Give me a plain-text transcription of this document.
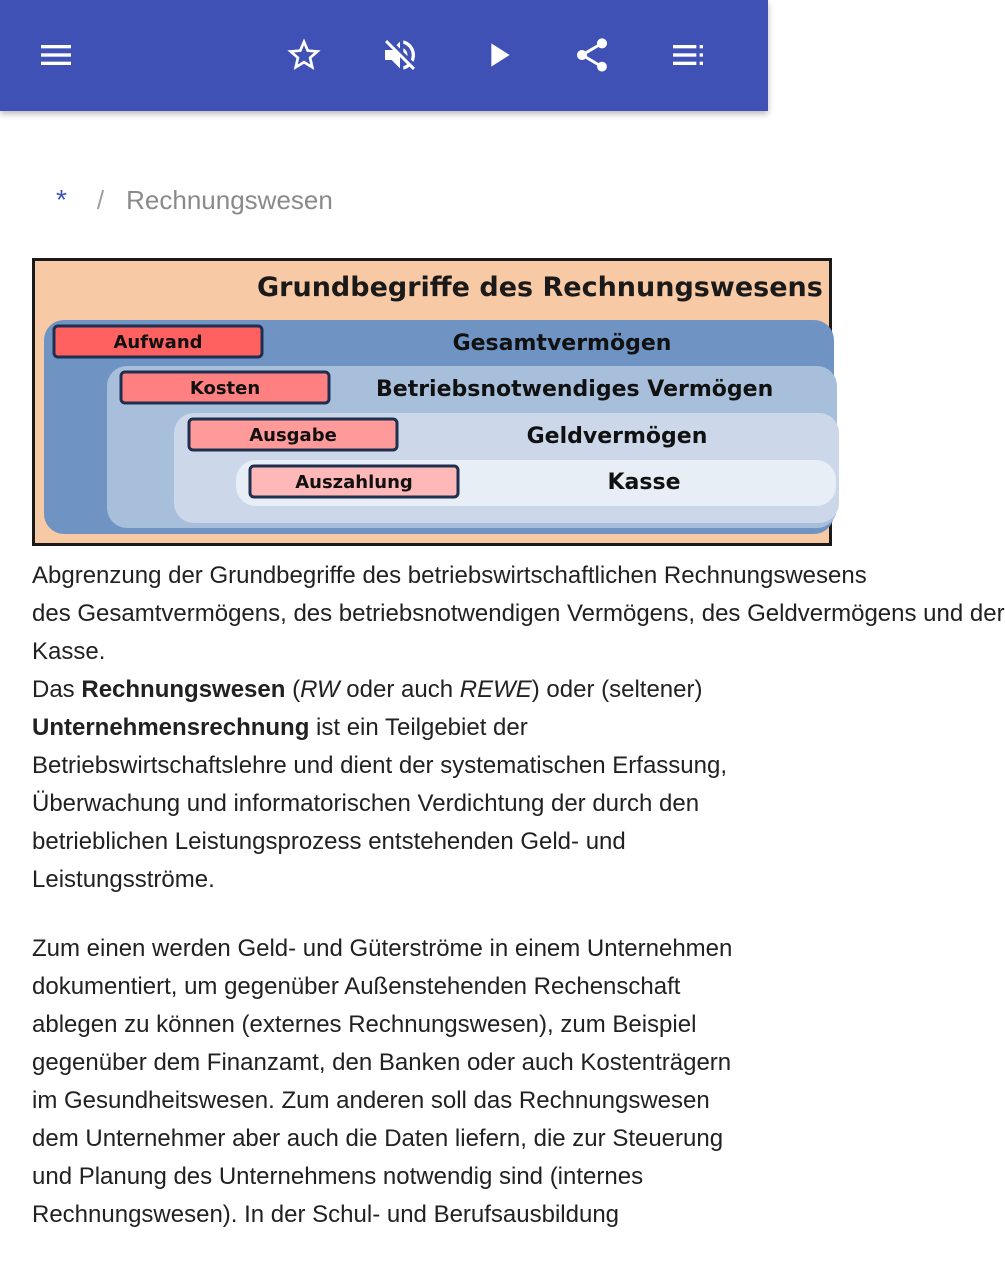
* / Rechnungswesen
Grundbegriffe des Rechnungswesens
Aufwand	Gesamtvermögen
Kosten	Betriebsnotwendiges Vermögen
Ausgabe	Geldvermögen
Auszahlung	Kasse
Abgrenzung der Grundbegriffe des betriebswirtschaftlichen Rechnungswesens
des Gesamtvermögens, des betriebsnotwendigen Vermögens, des Geldvermögens und der
Kasse.
Das Rechnungswesen (RW oder auch REWE) oder (seltener) Unternehmensrechnung ist ein Teilgebiet der Betriebswirtschaftslehre und dient der systematischen Erfassung, Überwachung und informatorischen Verdichtung der durch den betrieblichen Leistungsprozess entstehenden Geld- und Leistungsströme.
Zum einen werden Geld- und Güterströme in einem Unternehmen dokumentiert, um gegenüber Außenstehenden Rechenschaft ablegen zu können (externes Rechnungswesen), zum Beispiel gegenüber dem Finanzamt, den Banken oder auch Kostenträgern im Gesundheitswesen. Zum anderen soll das Rechnungswesen dem Unternehmer aber auch die Daten liefern, die zur Steuerung und Planung des Unternehmens notwendig sind (internes Rechnungswesen). In der Schul- und Berufsausbildung
